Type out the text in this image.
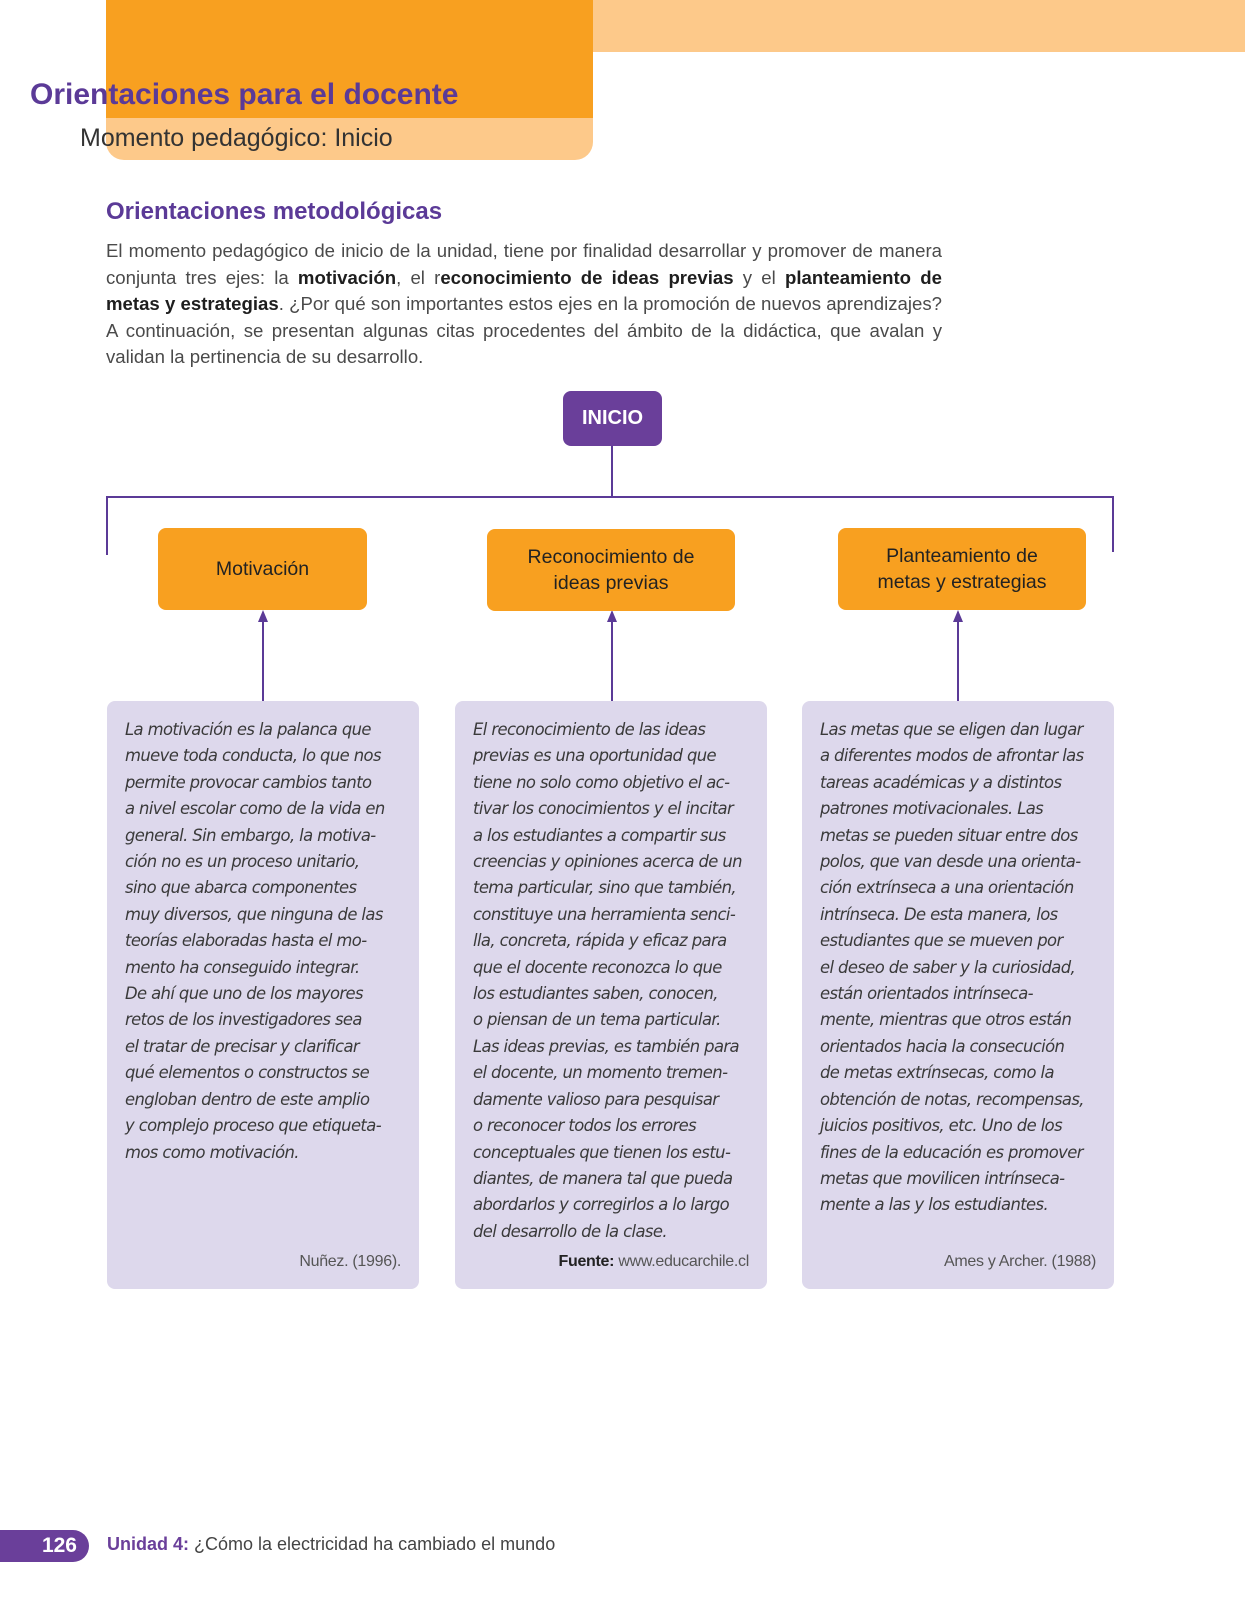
Orientaciones para el docente
Momento pedagógico: Inicio
Orientaciones metodológicas
El momento pedagógico de inicio de la unidad, tiene por finalidad desarrollar y promover de manera conjunta tres ejes: la motivación, el reconocimiento de ideas previas y el planteamiento de metas y estrategias. ¿Por qué son importantes estos ejes en la promoción de nuevos aprendizajes? A continuación, se presentan algunas citas procedentes del ámbito de la didáctica, que avalan y validan la pertinencia de su desarrollo.
INICIO
Motivación
Reconocimiento de
ideas previas
Planteamiento de
metas y estrategias
La motivación es la palanca que
mueve toda conducta, lo que nos
permite provocar cambios tanto
a nivel escolar como de la vida en
general. Sin embargo, la motiva-
ción no es un proceso unitario,
sino que abarca componentes
muy diversos, que ninguna de las
teorías elaboradas hasta el mo-
mento ha conseguido integrar.
De ahí que uno de los mayores
retos de los investigadores sea
el tratar de precisar y clarificar
qué elementos o constructos se
engloban dentro de este amplio
y complejo proceso que etiqueta-
mos como motivación.
Nuñez. (1996).
El reconocimiento de las ideas
previas es una oportunidad que
tiene no solo como objetivo el ac-
tivar los conocimientos y el incitar
a los estudiantes a compartir sus
creencias y opiniones acerca de un
tema particular, sino que también,
constituye una herramienta senci-
lla, concreta, rápida y eficaz para
que el docente reconozca lo que
los estudiantes saben, conocen,
o piensan de un tema particular.
Las ideas previas, es también para
el docente, un momento tremen-
damente valioso para pesquisar
o reconocer todos los errores
conceptuales que tienen los estu-
diantes, de manera tal que pueda
abordarlos y corregirlos a lo largo
del desarrollo de la clase.
Fuente: www.educarchile.cl
Las metas que se eligen dan lugar
a diferentes modos de afrontar las
tareas académicas y a distintos
patrones motivacionales. Las
metas se pueden situar entre dos
polos, que van desde una orienta-
ción extrínseca a una orientación
intrínseca. De esta manera, los
estudiantes que se mueven por
el deseo de saber y la curiosidad,
están orientados intrínseca-
mente, mientras que otros están
orientados hacia la consecución
de metas extrínsecas, como la
obtención de notas, recompensas,
juicios positivos, etc. Uno de los
fines de la educación es promover
metas que movilicen intrínseca-
mente a las y los estudiantes.
Ames y Archer. (1988)
126	Unidad 4: ¿Cómo la electricidad ha cambiado el mundo
